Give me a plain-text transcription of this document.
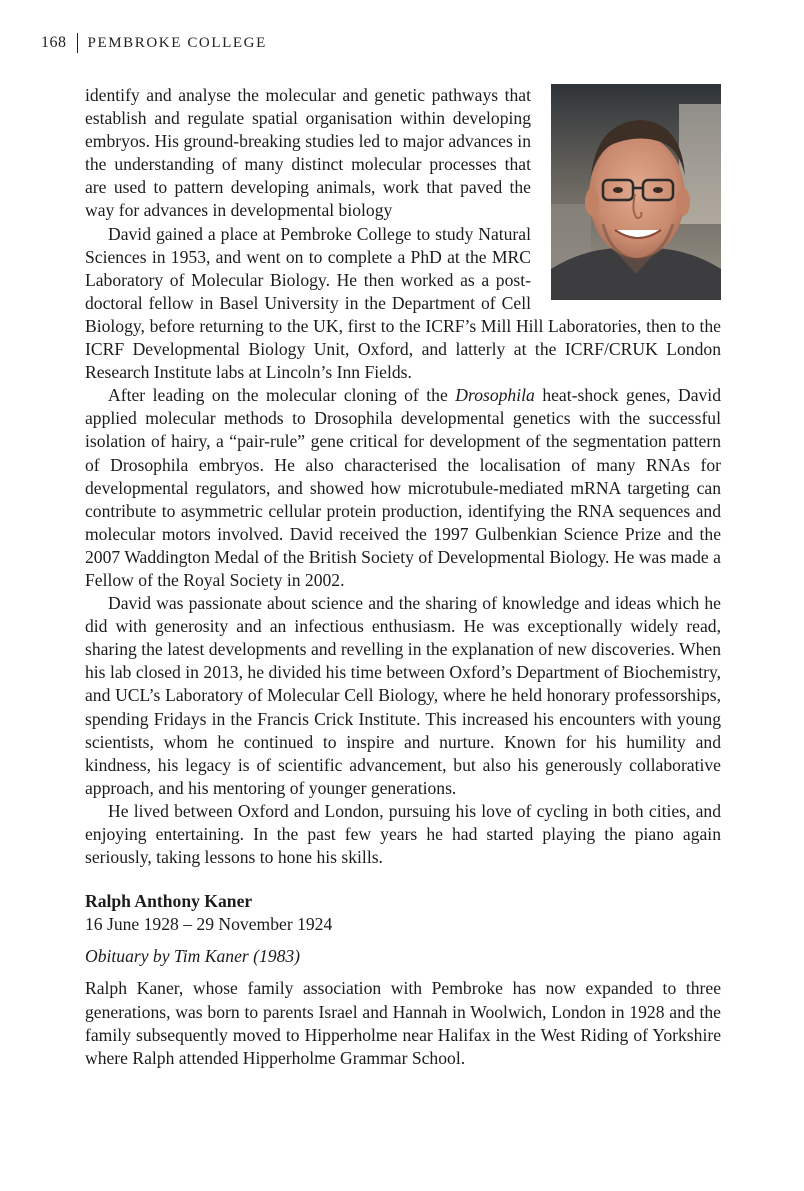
168 PEMBROKE COLLEGE

identify and analyse the molecular and genetic pathways that establish and regulate spatial organisation within developing embryos. His ground-breaking studies led to major advances in the understanding of many distinct molecular processes that are used to pattern developing animals, work that paved the way for advances in developmental biology

David gained a place at Pembroke College to study Natural Sciences in 1953, and went on to complete a PhD at the MRC Laboratory of Molecular Biology. He then worked as a post-doctoral fellow in Basel University in the Department of Cell Biology, before returning to the UK, first to the ICRF’s Mill Hill Laboratories, then to the ICRF Developmental Biology Unit, Oxford, and latterly at the ICRF/CRUK London Research Institute labs at Lincoln’s Inn Fields.

After leading on the molecular cloning of the Drosophila heat-shock genes, David applied molecular methods to Drosophila developmental genetics with the successful isolation of hairy, a “pair-rule” gene critical for development of the segmentation pattern of Drosophila embryos. He also characterised the localisation of many RNAs for developmental regulators, and showed how microtubule-mediated mRNA targeting can contribute to asymmetric cellular protein production, identifying the RNA sequences and molecular motors involved. David received the 1997 Gulbenkian Science Prize and the 2007 Waddington Medal of the British Society of Developmental Biology. He was made a Fellow of the Royal Society in 2002.

David was passionate about science and the sharing of knowledge and ideas which he did with generosity and an infectious enthusiasm. He was exceptionally widely read, sharing the latest developments and revelling in the explanation of new discoveries. When his lab closed in 2013, he divided his time between Oxford’s Department of Biochemistry, and UCL’s Laboratory of Molecular Cell Biology, where he held honorary professorships, spending Fridays in the Francis Crick Institute. This increased his encounters with young scientists, whom he continued to inspire and nurture. Known for his humility and kindness, his legacy is of scientific advancement, but also his generously collaborative approach, and his mentoring of younger generations.

He lived between Oxford and London, pursuing his love of cycling in both cities, and enjoying entertaining. In the past few years he had started playing the piano again seriously, taking lessons to hone his skills.

Ralph Anthony Kaner

16 June 1928 – 29 November 1924

Obituary by Tim Kaner (1983)

Ralph Kaner, whose family association with Pembroke has now expanded to three generations, was born to parents Israel and Hannah in Woolwich, London in 1928 and the family subsequently moved to Hipperholme near Halifax in the West Riding of Yorkshire where Ralph attended Hipperholme Grammar School.
